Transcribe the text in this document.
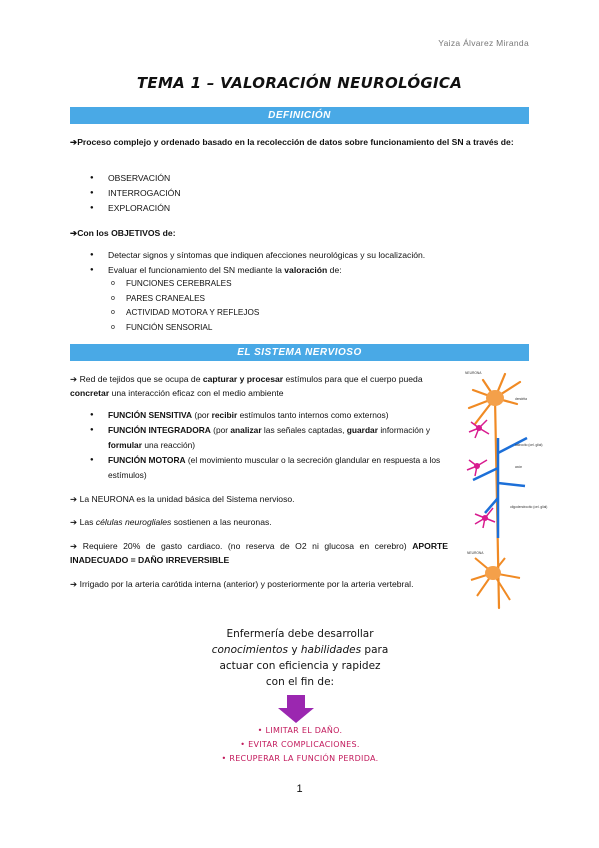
Yaiza Álvarez Miranda
TEMA 1 – VALORACIÓN NEUROLÓGICA
DEFINICIÓN
➔Proceso complejo y ordenado basado en la recolección de datos sobre funcionamiento del SN a través de:
● OBSERVACIÓN
● INTERROGACIÓN
● EXPLORACIÓN
➔Con los OBJETIVOS de:
● Detectar signos y síntomas que indiquen afecciones neurológicas y su localización.
● Evaluar el funcionamiento del SN mediante la valoración de:
o FUNCIONES CEREBRALES
o PARES CRANEALES
o ACTIVIDAD MOTORA Y REFLEJOS
o FUNCIÓN SENSORIAL
EL SISTEMA NERVIOSO
➔ Red de tejidos que se ocupa de capturar y procesar estímulos para que el cuerpo pueda concretar una interacción eficaz con el medio ambiente
●	FUNCIÓN SENSITIVA (por recibir estímulos tanto internos como externos)
●	FUNCIÓN INTEGRADORA (por analizar las señales captadas, guardar información y formular una reacción)
●	FUNCIÓN MOTORA (el movimiento muscular o la secreción glandular en respuesta a los estímulos)
➔ La NEURONA es la unidad básica del Sistema nervioso.
➔ Las células neurogliales sostienen a las neuronas.
➔ Requiere 20% de gasto cardiaco. (no reserva de O2 ni glucosa en cerebro) APORTE INADECUADO = DAÑO IRREVERSIBLE
➔ Irrigado por la arteria carótida interna (anterior) y posteriormente por la arteria vertebral.
NEURONA
dendrita
astrocito (cel. glial)
axón
oligodendrocito (cel. glial)
NEURONA
Enfermería debe desarrollar
conocimientos y habilidades para
actuar con eficiencia y rapidez
con el fin de:
• LIMITAR EL DAÑO.
• EVITAR COMPLICACIONES.
• RECUPERAR LA FUNCIÓN PERDIDA.
1
